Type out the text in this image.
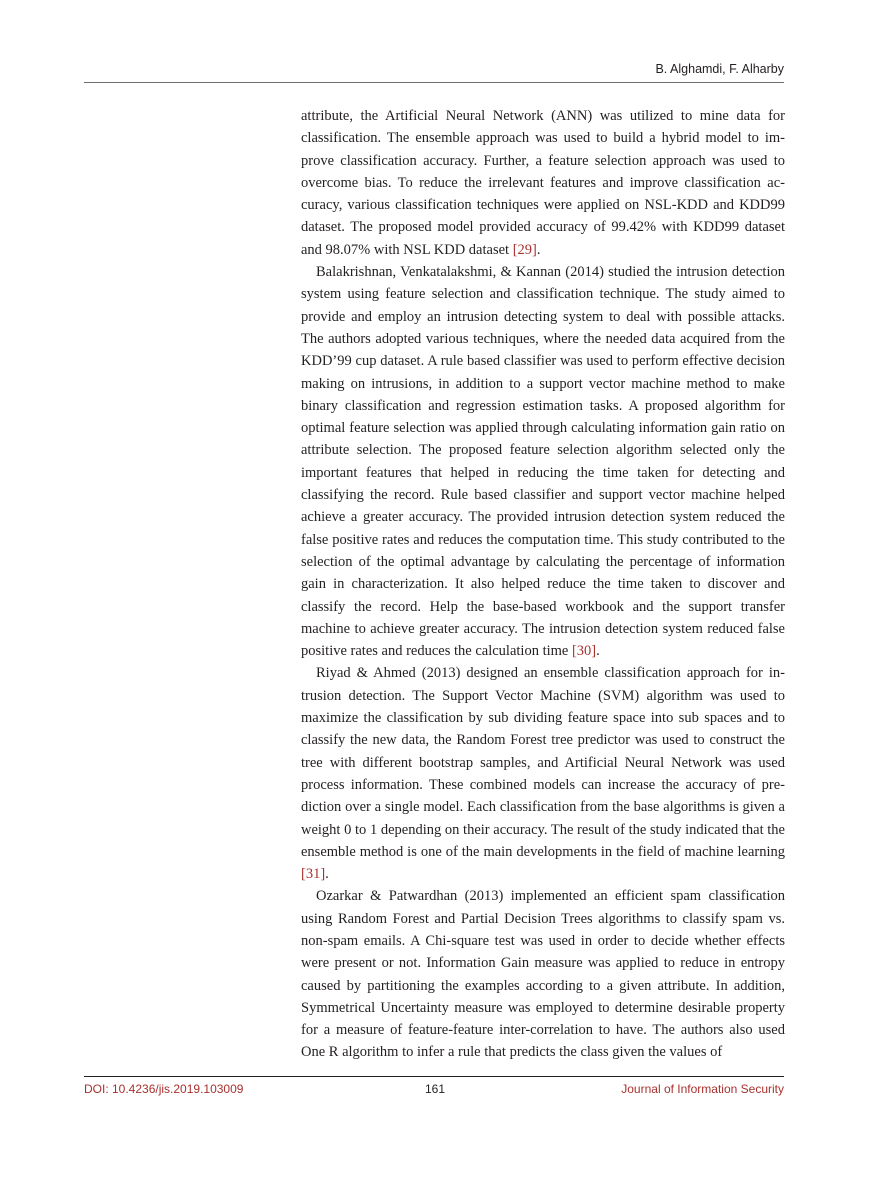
B. Alghamdi, F. Alharby

attribute, the Artificial Neural Network (ANN) was utilized to mine data for classification. The ensemble approach was used to build a hybrid model to improve classification accuracy. Further, a feature selection approach was used to overcome bias. To reduce the irrelevant features and improve classification accuracy, various classification techniques were applied on NSL-KDD and KDD99 dataset. The proposed model provided accuracy of 99.42% with KDD99 dataset and 98.07% with NSL KDD dataset [29].

Balakrishnan, Venkatalakshmi, & Kannan (2014) studied the intrusion detection system using feature selection and classification technique. The study aimed to provide and employ an intrusion detecting system to deal with possible attacks. The authors adopted various techniques, where the needed data acquired from the KDD’99 cup dataset. A rule based classifier was used to perform effective decision making on intrusions, in addition to a support vector machine method to make binary classification and regression estimation tasks. A proposed algorithm for optimal feature selection was applied through calculating information gain ratio on attribute selection. The proposed feature selection algorithm selected only the important features that helped in reducing the time taken for detecting and classifying the record. Rule based classifier and support vector machine helped achieve a greater accuracy. The provided intrusion detection system reduced the false positive rates and reduces the computation time. This study contributed to the selection of the optimal advantage by calculating the percentage of information gain in characterization. It also helped reduce the time taken to discover and classify the record. Help the base-based workbook and the support transfer machine to achieve greater accuracy. The intrusion detection system reduced false positive rates and reduces the calculation time [30].

Riyad & Ahmed (2013) designed an ensemble classification approach for intrusion detection. The Support Vector Machine (SVM) algorithm was used to maximize the classification by sub dividing feature space into sub spaces and to classify the new data, the Random Forest tree predictor was used to construct the tree with different bootstrap samples, and Artificial Neural Network was used process information. These combined models can increase the accuracy of prediction over a single model. Each classification from the base algorithms is given a weight 0 to 1 depending on their accuracy. The result of the study indicated that the ensemble method is one of the main developments in the field of machine learning [31].

Ozarkar & Patwardhan (2013) implemented an efficient spam classification using Random Forest and Partial Decision Trees algorithms to classify spam vs. non-spam emails. A Chi-square test was used in order to decide whether effects were present or not. Information Gain measure was applied to reduce in entropy caused by partitioning the examples according to a given attribute. In addition, Symmetrical Uncertainty measure was employed to determine desirable property for a measure of feature-feature inter-correlation to have. The authors also used One R algorithm to infer a rule that predicts the class given the values of

DOI: 10.4236/jis.2019.103009	161	Journal of Information Security
